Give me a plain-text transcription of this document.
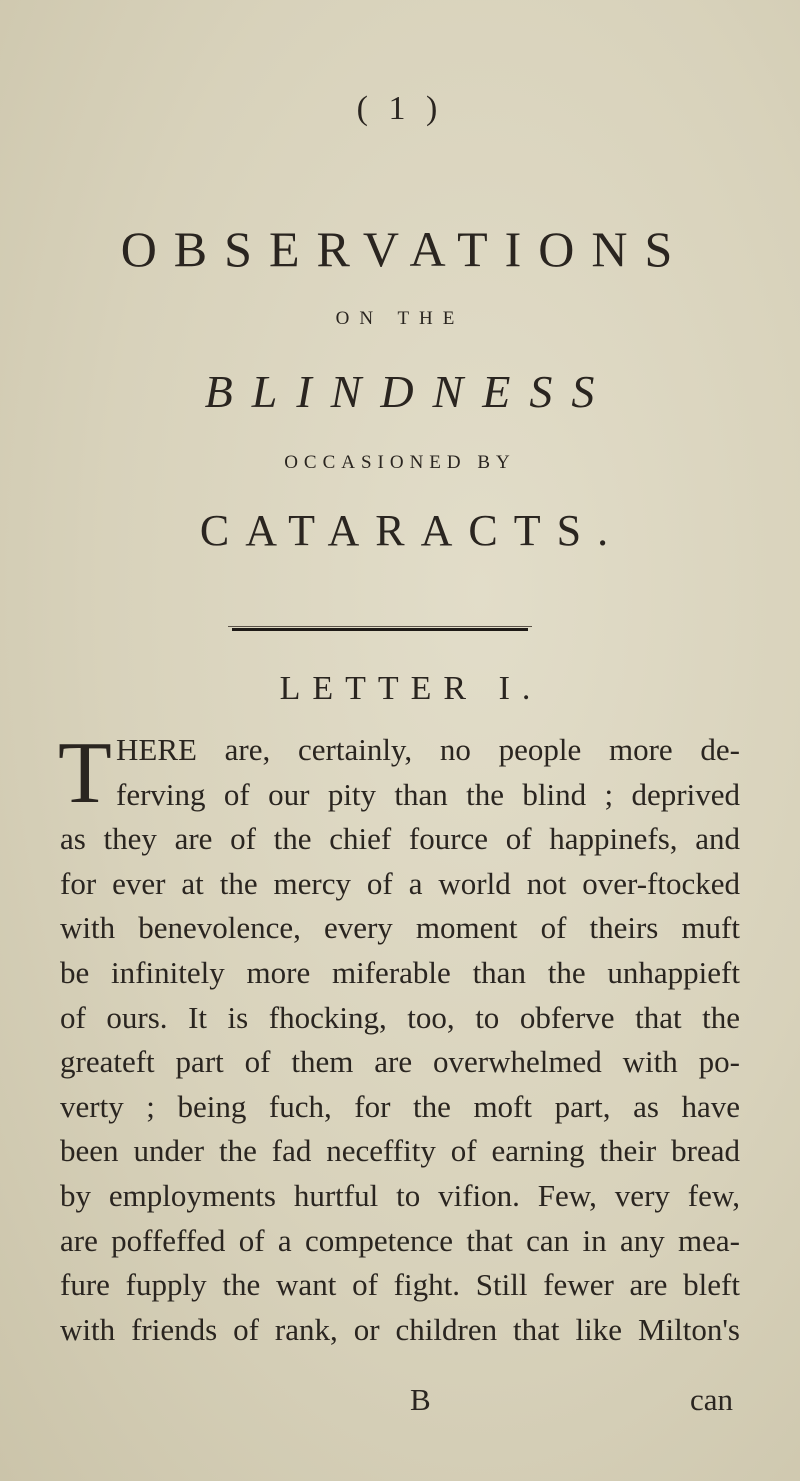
( 1 )
OBSERVATIONS
ON THE
BLINDNESS
OCCASIONED BY
CATARACTS.
LETTER I.
T HERE are, certainly, no people more de-
ferving of our pity than the blind ; deprived
as they are of the chief fource of happinefs, and
for ever at the mercy of a world not over-ftocked
with benevolence, every moment of theirs muft
be infinitely more miferable than the unhappieft
of ours. It is fhocking, too, to obferve that the
greateft part of them are overwhelmed with po-
verty ; being fuch, for the moft part, as have
been under the fad neceffity of earning their bread
by employments hurtful to vifion. Few, very few,
are poffeffed of a competence that can in any mea-
fure fupply the want of fight. Still fewer are bleft
with friends of rank, or children that like Milton's
B	can
